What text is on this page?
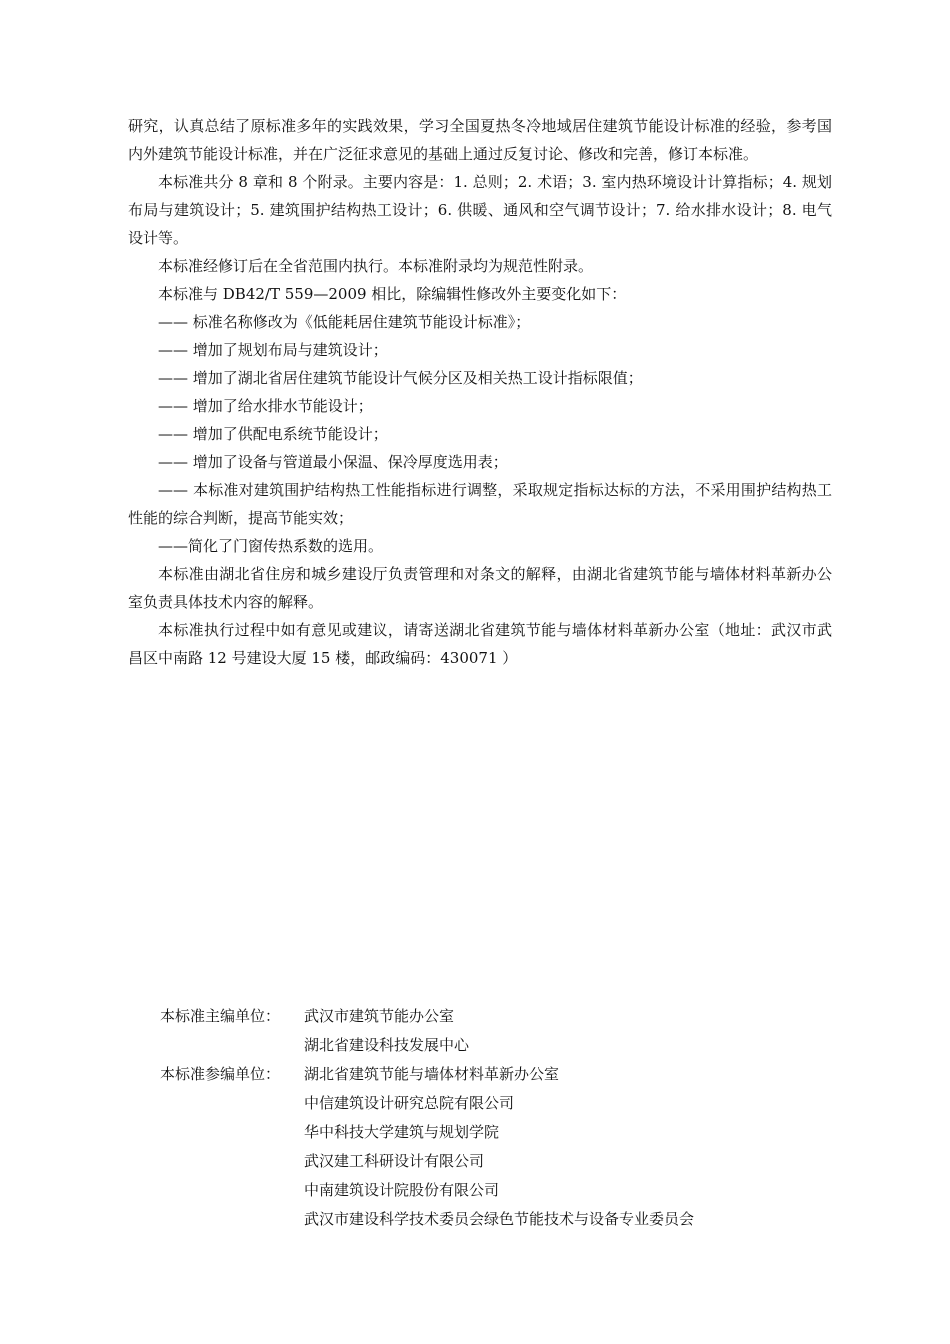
研究，认真总结了原标准多年的实践效果，学习全国夏热冬冷地域居住建筑节能设计标准的经验，参考国内外建筑节能设计标准，并在广泛征求意见的基础上通过反复讨论、修改和完善，修订本标准。

本标准共分 8 章和 8 个附录。主要内容是：1. 总则；2. 术语；3. 室内热环境设计计算指标；4. 规划布局与建筑设计；5. 建筑围护结构热工设计；6. 供暖、通风和空气调节设计；7. 给水排水设计；8. 电气设计等。

本标准经修订后在全省范围内执行。本标准附录均为规范性附录。

本标准与 DB42/T 559—2009 相比，除编辑性修改外主要变化如下：

—— 标准名称修改为《低能耗居住建筑节能设计标准》；

—— 增加了规划布局与建筑设计；

—— 增加了湖北省居住建筑节能设计气候分区及相关热工设计指标限值；

—— 增加了给水排水节能设计；

—— 增加了供配电系统节能设计；

—— 增加了设备与管道最小保温、保冷厚度选用表；

—— 本标准对建筑围护结构热工性能指标进行调整，采取规定指标达标的方法，不采用围护结构热工性能的综合判断，提高节能实效；

——简化了门窗传热系数的选用。

本标准由湖北省住房和城乡建设厅负责管理和对条文的解释，由湖北省建筑节能与墙体材料革新办公室负责具体技术内容的解释。

本标准执行过程中如有意见或建议，请寄送湖北省建筑节能与墙体材料革新办公室（地址：武汉市武昌区中南路 12 号建设大厦 15 楼，邮政编码：430071 ）

本标准主编单位：	武汉市建筑节能办公室
湖北省建设科技发展中心
本标准参编单位：	湖北省建筑节能与墙体材料革新办公室
中信建筑设计研究总院有限公司
华中科技大学建筑与规划学院
武汉建工科研设计有限公司
中南建筑设计院股份有限公司
武汉市建设科学技术委员会绿色节能技术与设备专业委员会
